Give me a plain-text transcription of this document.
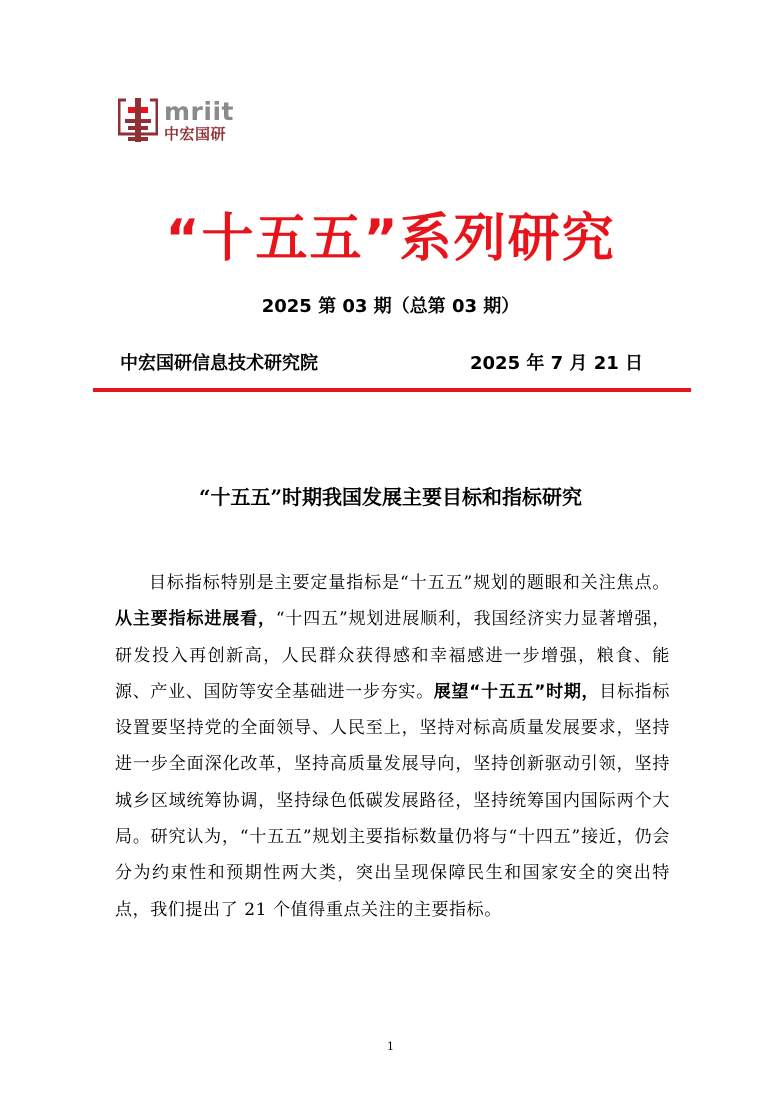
mriit
中宏国研
“十五五”系列研究
2025 第 03 期（总第 03 期）
中宏国研信息技术研究院	2025 年 7 月 21 日
“十五五”时期我国发展主要目标和指标研究

目标指标特别是主要定量指标是“十五五”规划的题眼和关注焦点。从主要指标进展看，“十四五”规划进展顺利，我国经济实力显著增强，研发投入再创新高，人民群众获得感和幸福感进一步增强，粮食、能源、产业、国防等安全基础进一步夯实。展望“十五五”时期，目标指标设置要坚持党的全面领导、人民至上，坚持对标高质量发展要求，坚持进一步全面深化改革，坚持高质量发展导向，坚持创新驱动引领，坚持城乡区域统筹协调，坚持绿色低碳发展路径，坚持统筹国内国际两个大局。研究认为，“十五五”规划主要指标数量仍将与“十四五”接近，仍会分为约束性和预期性两大类，突出呈现保障民生和国家安全的突出特点，我们提出了 21 个值得重点关注的主要指标。

1
